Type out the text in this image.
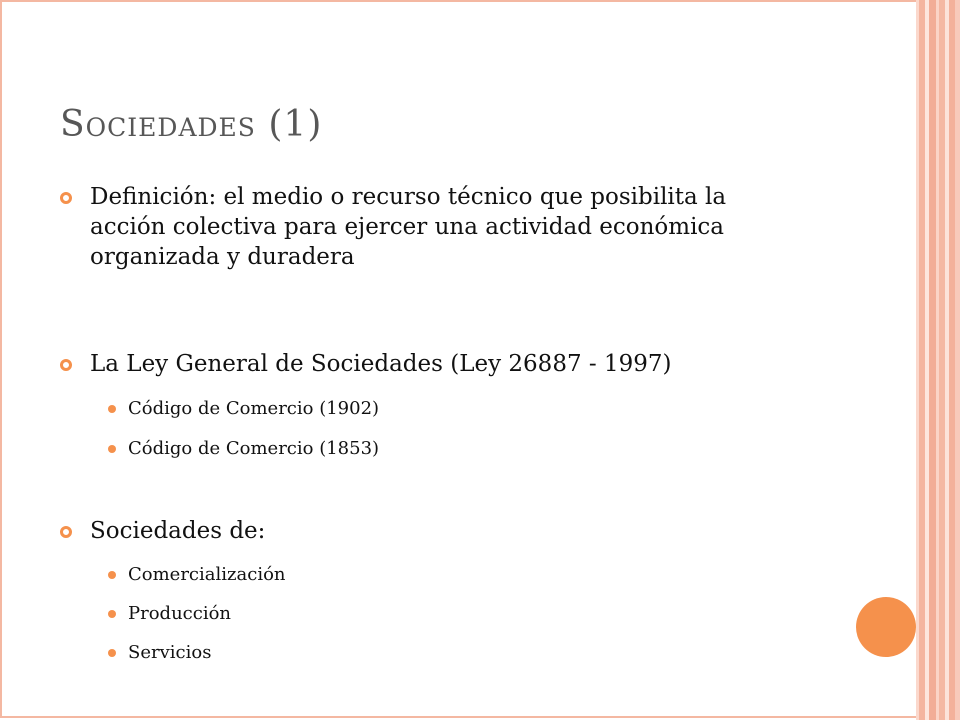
Sociedades (1)
Definición: el medio o recurso técnico que posibilita la acción colectiva para ejercer una actividad económica organizada y duradera
La Ley General de Sociedades (Ley 26887 - 1997)
Código de Comercio (1902)
Código de Comercio (1853)
Sociedades de:
Comercialización
Producción
Servicios
